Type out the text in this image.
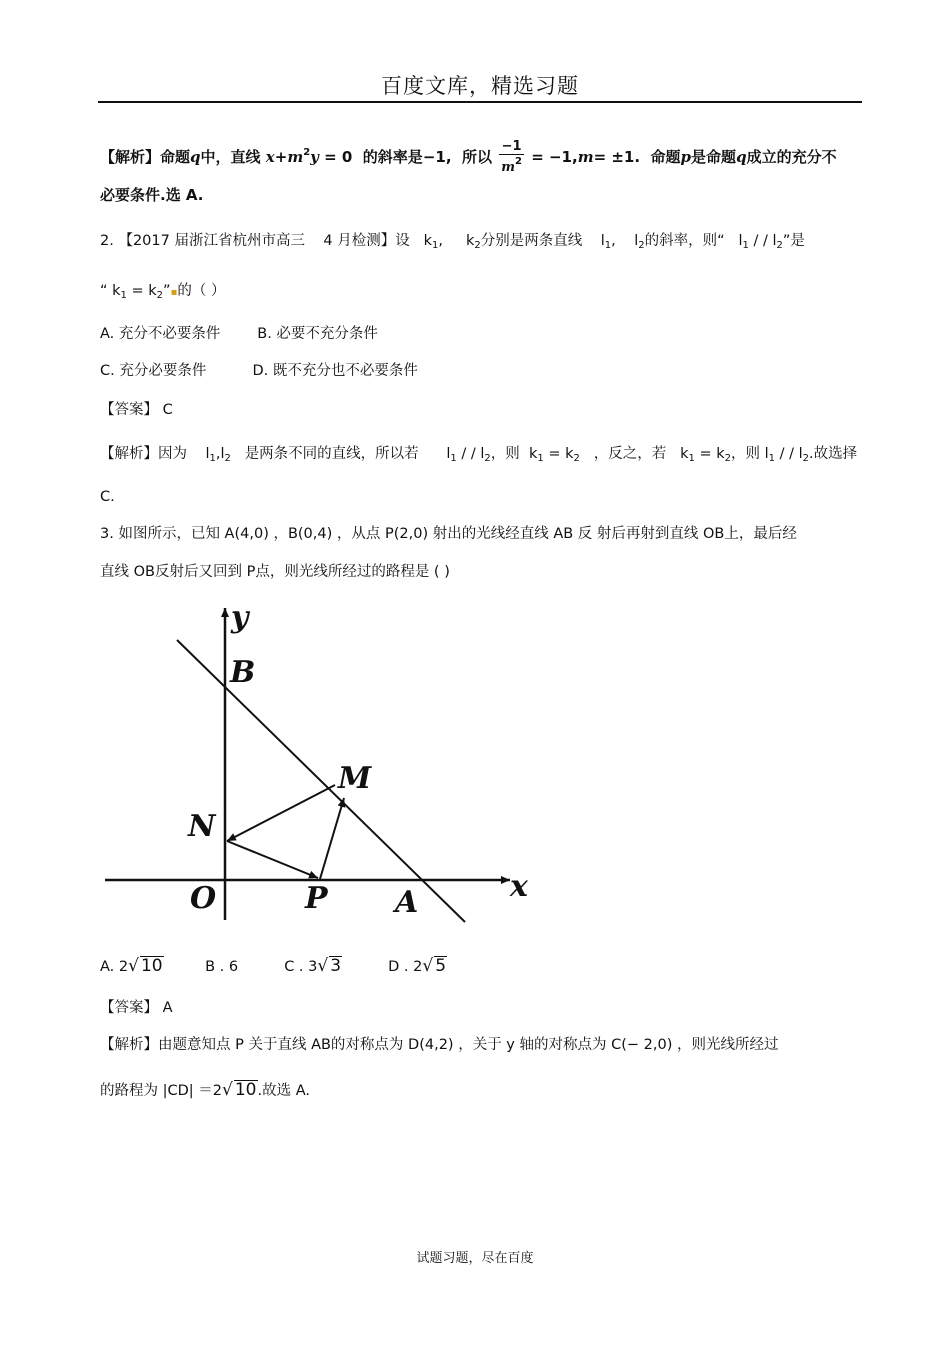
百度文库，精选习题
【解析】命题q中，直线 $x+m^2y = 0$ 的斜率是−1, 所以 $\frac{-1}{m^2} = -1,m= \pm 1$. 命题p是命题q成立的充分不
必要条件.选 A.
2. 【2017 届浙江省杭州市高三 4 月检测】设 $k_1$, $k_2$分别是两条直线 $l_1$, $l_2$的斜率，则“ $l_1$ / / $l_2$”是
“ $k_1$ = $k_2”▪$的（ ）
A. 充分不必要条件	B. 必要不充分条件
C. 充分必要条件	D. 既不充分也不必要条件
【答案】 C
【解析】因为 $l_1,l_2$ 是两条不同的直线，所以若 $l_1$ / / $l_2$，则 $k_1 = k_2$ ，反之，若 $k_1 = k_2$，则 $l_1$ / / $l_2$.故选择
C.
3. 如图所示，已知 A(4,0) ，B(0,4) ，从点 P(2,0) 射出的光线经直线 AB 反 射后再射到直线 OB上，最后经
直线 OB反射后又回到 P点，则光线所经过的路程是 ( )
y
x
B
M
N
O	P A
A. 2√ 10	B . 6	C . 3√ 3	D . 2√ 5
【答案】 A
【解析】由题意知点 P 关于直线 AB的对称点为 D(4,2) ，关于 y 轴的对称点为 C(− 2,0) ，则光线所经过
的路程为 |CD| ＝2√ 10.故选 A.
试题习题，尽在百度
